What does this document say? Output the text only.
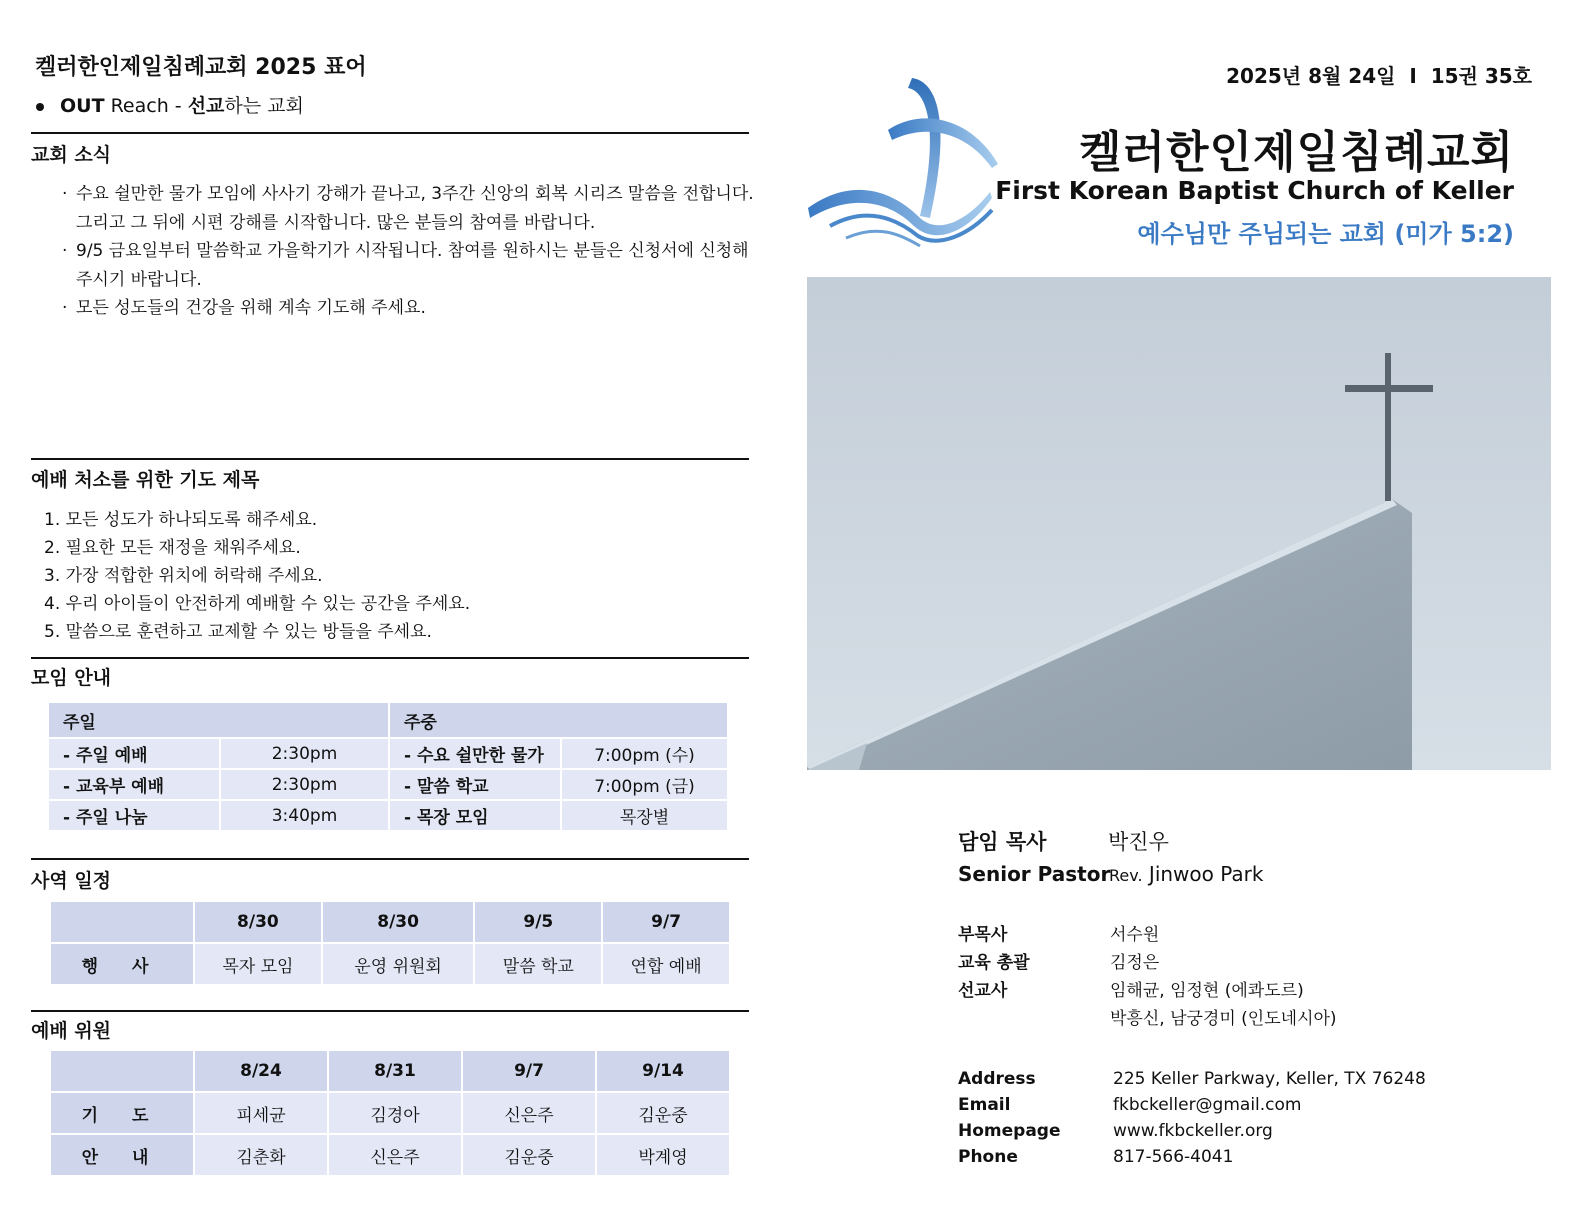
켈러한인제일침례교회 2025 표어
OUT Reach - 선교하는 교회
교회 소식

· 수요 쉴만한 물가 모임에 사사기 강해가 끝나고, 3주간 신앙의 회복 시리즈 말씀을 전합니다. 그리고 그 뒤에 시편 강해를 시작합니다. 많은 분들의 참여를 바랍니다.

· 9/5 금요일부터 말씀학교 가을학기가 시작됩니다. 참여를 원하시는 분들은 신청서에 신청해 주시기 바랍니다.

· 모든 성도들의 건강을 위해 계속 기도해 주세요.

예배 처소를 위한 기도 제목
1. 모든 성도가 하나되도록 해주세요.
2. 필요한 모든 재정을 채워주세요.
3. 가장 적합한 위치에 허락해 주세요.
4. 우리 아이들이 안전하게 예배할 수 있는 공간을 주세요.
5. 말씀으로 훈련하고 교제할 수 있는 방들을 주세요.
모임 안내
주일		주중	
- 주일 예배	2:30pm	- 수요 쉴만한 물가	7:00pm (수)
- 교육부 예배	2:30pm	- 말씀 학교	7:00pm (금)
- 주일 나눔	3:40pm	- 목장 모임	목장별
사역 일정
	8/30	8/30	9/5	9/7
행 사	목자 모임	운영 위원회	말씀 학교	연합 예배
예배 위원
	8/24	8/31	9/7	9/14
기 도	피세균	김경아	신은주	김운중
안 내	김춘화	신은주	김운중	박계영
2025년 8월 24일  I  15권 35호
켈러한인제일침례교회
First Korean Baptist Church of Keller
예수님만 주님되는 교회 (미가 5:2)
담임 목사	박진우
Senior Pastor
Rev. Jinwoo Park
부목사	서수원
교육 총괄	김정은
선교사	임해균, 임정현 (에콰도르)
박흥신, 남궁경미 (인도네시아)
Address	225 Keller Parkway, Keller, TX 76248
Email	fkbckeller@gmail.com
Homepage	www.fkbckeller.org
Phone	817-566-4041
